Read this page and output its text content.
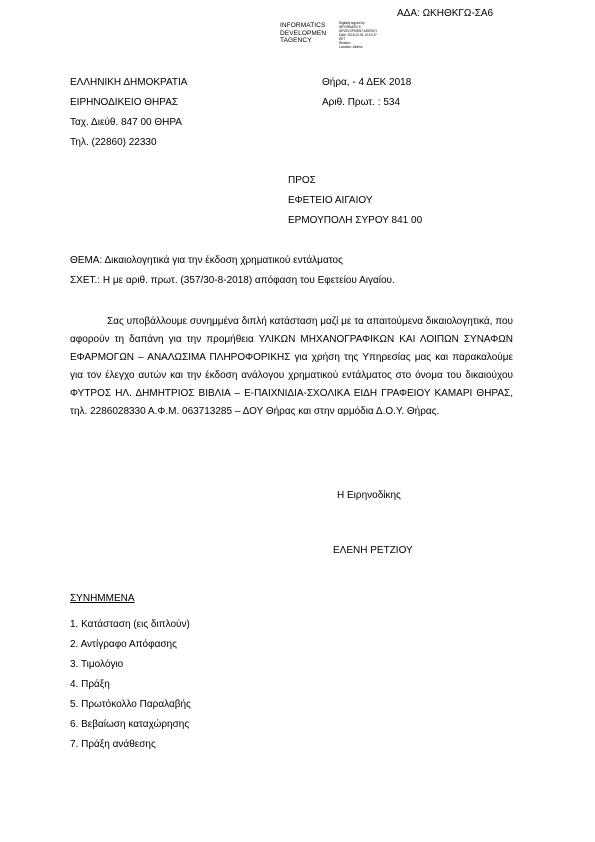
ΑΔΑ: ΩΚΗΘΚΓΩ-ΣΑ6
INFORMATICS
DEVELOPMEN
TAGENCY
Digitally signed by
INFORMATICS
DEVELOPMENT AGENCY
Date: 2018.12.04 13:13:37
EET
Reason:
Location: Athens
ΕΛΛΗΝΙΚΗ ΔΗΜΟΚΡΑΤΙΑ
ΕΙΡΗΝΟΔΙΚΕΙΟ ΘΗΡΑΣ
Ταχ. Διεύθ. 847 00 ΘΗΡΑ
Τηλ. (22860) 22330
Θήρα, - 4 ΔΕΚ 2018
Αριθ. Πρωτ. : 534
ΠΡΟΣ
ΕΦΕΤΕΙΟ ΑΙΓΑΙΟΥ
ΕΡΜΟΥΠΟΛΗ ΣΥΡΟΥ 841 00
ΘΕΜΑ: Δικαιολογητικά για την έκδοση χρηματικού εντάλματος
ΣΧΕΤ.: Η με αριθ. πρωτ. (357/30-8-2018) απόφαση του Εφετείου Αιγαίου.

Σας υποβάλλουμε συνημμένα διπλή κατάσταση μαζί με τα απαιτούμενα δικαιολογητικά, που αφορούν τη δαπάνη για την προμήθεια ΥΛΙΚΩΝ ΜΗΧΑΝΟΓΡΑΦΙΚΩΝ ΚΑΙ ΛΟΙΠΩΝ ΣΥΝΑΦΩΝ ΕΦΑΡΜΟΓΩΝ – ΑΝΑΛΩΣΙΜΑ ΠΛΗΡΟΦΟΡΙΚΗΣ για χρήση της Υπηρεσίας μας και παρακαλούμε για τον έλεγχο αυτών και την έκδοση ανάλογου χρηματικού εντάλματος στο όνομα του δικαιούχου ΦΥΤΡΟΣ ΗΛ. ΔΗΜΗΤΡΙΟΣ ΒΙΒΛΙΑ – Ε-ΠΑΙΧΝΙΔΙΑ-ΣΧΟΛΙΚΑ ΕΙΔΗ ΓΡΑΦΕΙΟΥ ΚΑΜΑΡΙ ΘΗΡΑΣ, τηλ. 2286028330 Α.Φ.Μ. 063713285 – ΔΟΥ Θήρας και στην αρμόδια Δ.Ο.Υ. Θήρας.

Η Ειρηνοδίκης
ΕΛΕΝΗ ΡΕΤΖΙΟΥ
ΣΥΝΗΜΜΕΝΑ
1. Κατάσταση (εις διπλούν)
2. Αντίγραφο Απόφασης
3. Τιμολόγιο
4. Πράξη
5. Πρωτόκολλο Παραλαβής
6. Βεβαίωση καταχώρησης
7. Πράξη ανάθεσης
